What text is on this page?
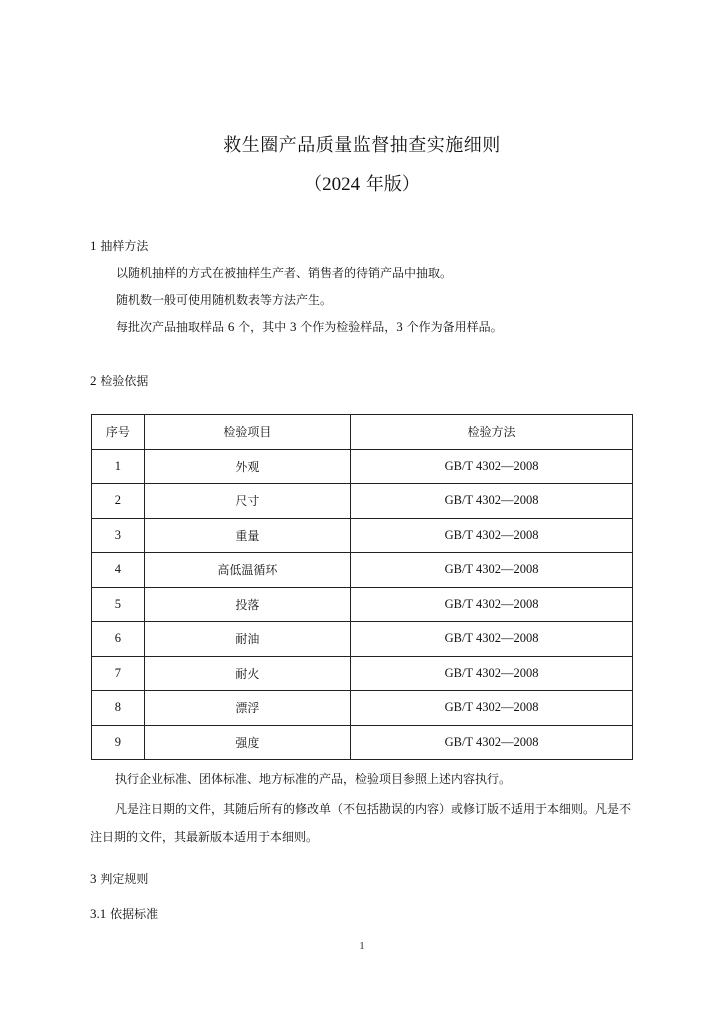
救生圈产品质量监督抽查实施细则
（2024 年版）
1 抽样方法
以随机抽样的方式在被抽样生产者、销售者的待销产品中抽取。
随机数一般可使用随机数表等方法产生。
每批次产品抽取样品 6 个，其中 3 个作为检验样品，3 个作为备用样品。
2 检验依据
序号	检验项目	检验方法
1	外观	GB/T 4302—2008
2	尺寸	GB/T 4302—2008
3	重量	GB/T 4302—2008
4	高低温循环	GB/T 4302—2008
5	投落	GB/T 4302—2008
6	耐油	GB/T 4302—2008
7	耐火	GB/T 4302—2008
8	漂浮	GB/T 4302—2008
9	强度	GB/T 4302—2008
执行企业标准、团体标准、地方标准的产品，检验项目参照上述内容执行。
凡是注日期的文件，其随后所有的修改单（不包括勘误的内容）或修订版不适用于本细则。凡是不注日期的文件，其最新版本适用于本细则。
3 判定规则
3.1 依据标准
1
